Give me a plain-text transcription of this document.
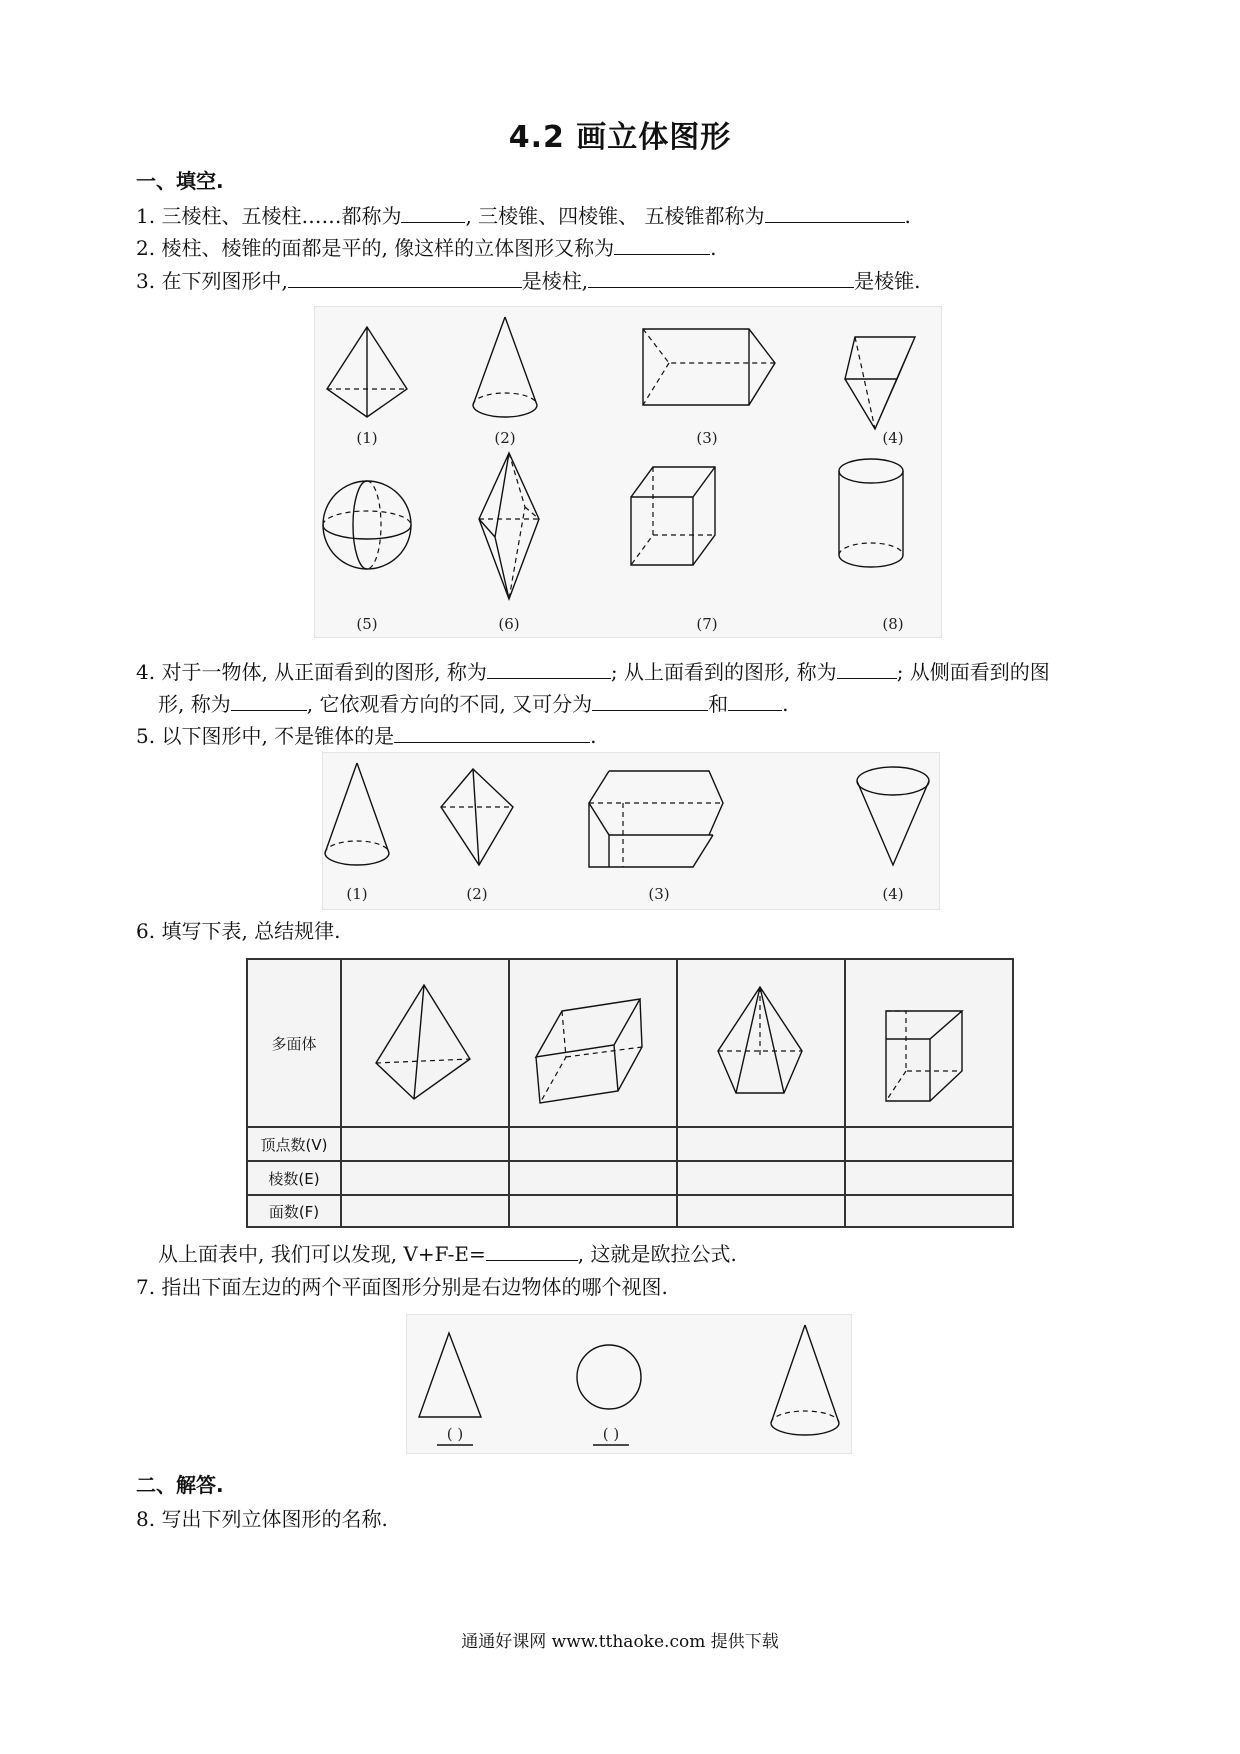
4.2 画立体图形
一、填空.
1. 三棱柱、五棱柱……都称为	, 三棱锥、四棱锥、 五棱锥都称为	.
2. 棱柱、棱锥的面都是平的, 像这样的立体图形又称为	.
3. 在下列图形中,	是棱柱,	是棱锥.
(1)	(2)	(3)	(4)
(5)	(6)	(7)	(8)
4. 对于一物体, 从正面看到的图形, 称为	; 从上面看到的图形, 称为	; 从侧面看到的图
形, 称为	, 它依观看方向的不同, 又可分为	和	.
5. 以下图形中, 不是锥体的是	.
(1)	(2)	(3)	(4)
6. 填写下表, 总结规律.
多面体	

顶点数(V)				
棱数(E)				
面数(F)				
从上面表中, 我们可以发现, V+F-E=	, 这就是欧拉公式.
7. 指出下面左边的两个平面图形分别是右边物体的哪个视图.
( )	( )
二、解答.
8. 写出下列立体图形的名称.
通通好课网 www.tthaoke.com 提供下载
